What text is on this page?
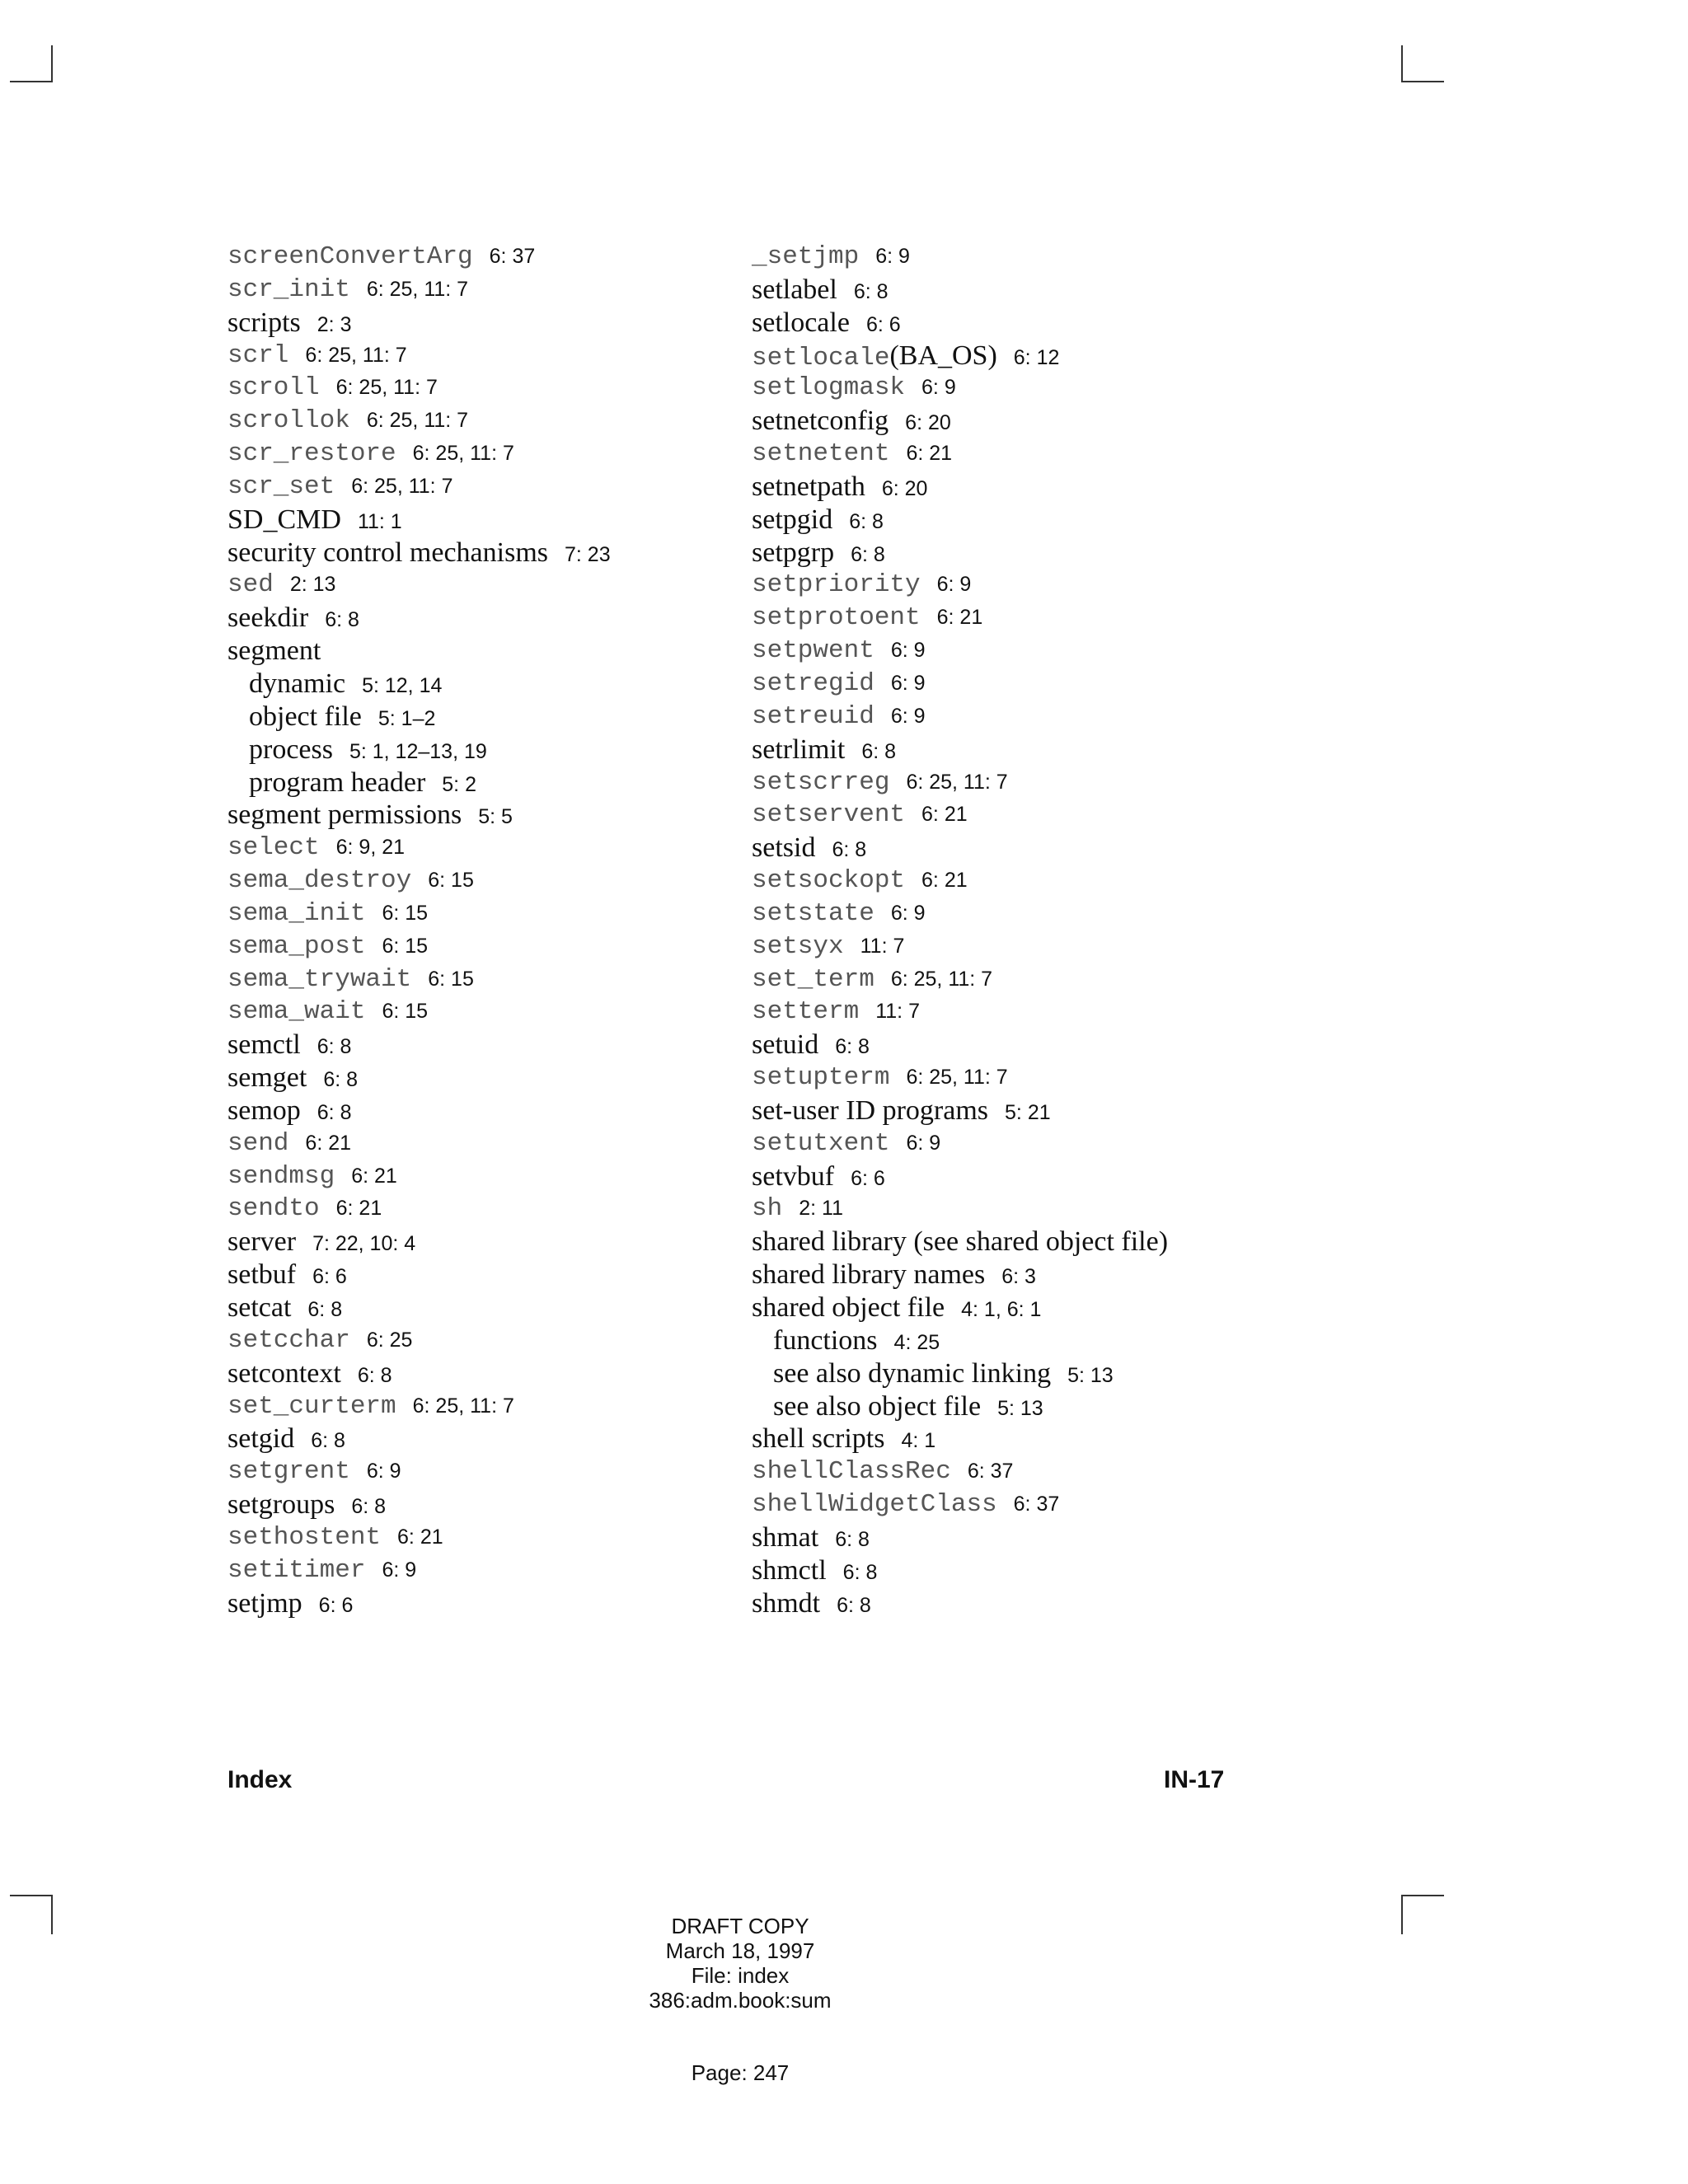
screenConvertArg 6: 37
scr_init 6: 25, 11: 7
scripts 2: 3
scrl 6: 25, 11: 7
scroll 6: 25, 11: 7
scrollok 6: 25, 11: 7
scr_restore 6: 25, 11: 7
scr_set 6: 25, 11: 7
SD_CMD 11: 1
security control mechanisms 7: 23
sed 2: 13
seekdir 6: 8
segment
dynamic 5: 12, 14
object file 5: 1–2
process 5: 1, 12–13, 19
program header 5: 2
segment permissions 5: 5
select 6: 9, 21
sema_destroy 6: 15
sema_init 6: 15
sema_post 6: 15
sema_trywait 6: 15
sema_wait 6: 15
semctl 6: 8
semget 6: 8
semop 6: 8
send 6: 21
sendmsg 6: 21
sendto 6: 21
server 7: 22, 10: 4
setbuf 6: 6
setcat 6: 8
setcchar 6: 25
setcontext 6: 8
set_curterm 6: 25, 11: 7
setgid 6: 8
setgrent 6: 9
setgroups 6: 8
sethostent 6: 21
setitimer 6: 9
setjmp 6: 6
_setjmp 6: 9
setlabel 6: 8
setlocale 6: 6
setlocale(BA_OS) 6: 12
setlogmask 6: 9
setnetconfig 6: 20
setnetent 6: 21
setnetpath 6: 20
setpgid 6: 8
setpgrp 6: 8
setpriority 6: 9
setprotoent 6: 21
setpwent 6: 9
setregid 6: 9
setreuid 6: 9
setrlimit 6: 8
setscrreg 6: 25, 11: 7
setservent 6: 21
setsid 6: 8
setsockopt 6: 21
setstate 6: 9
setsyx 11: 7
set_term 6: 25, 11: 7
setterm 11: 7
setuid 6: 8
setupterm 6: 25, 11: 7
set-user ID programs 5: 21
setutxent 6: 9
setvbuf 6: 6
sh 2: 11
shared library (see shared object file)
shared library names 6: 3
shared object file 4: 1, 6: 1
functions 4: 25
see also dynamic linking 5: 13
see also object file 5: 13
shell scripts 4: 1
shellClassRec 6: 37
shellWidgetClass 6: 37
shmat 6: 8
shmctl 6: 8
shmdt 6: 8
Index	IN-17
DRAFT COPY
March 18, 1997
File: index
386:adm.book:sum
Page: 247
